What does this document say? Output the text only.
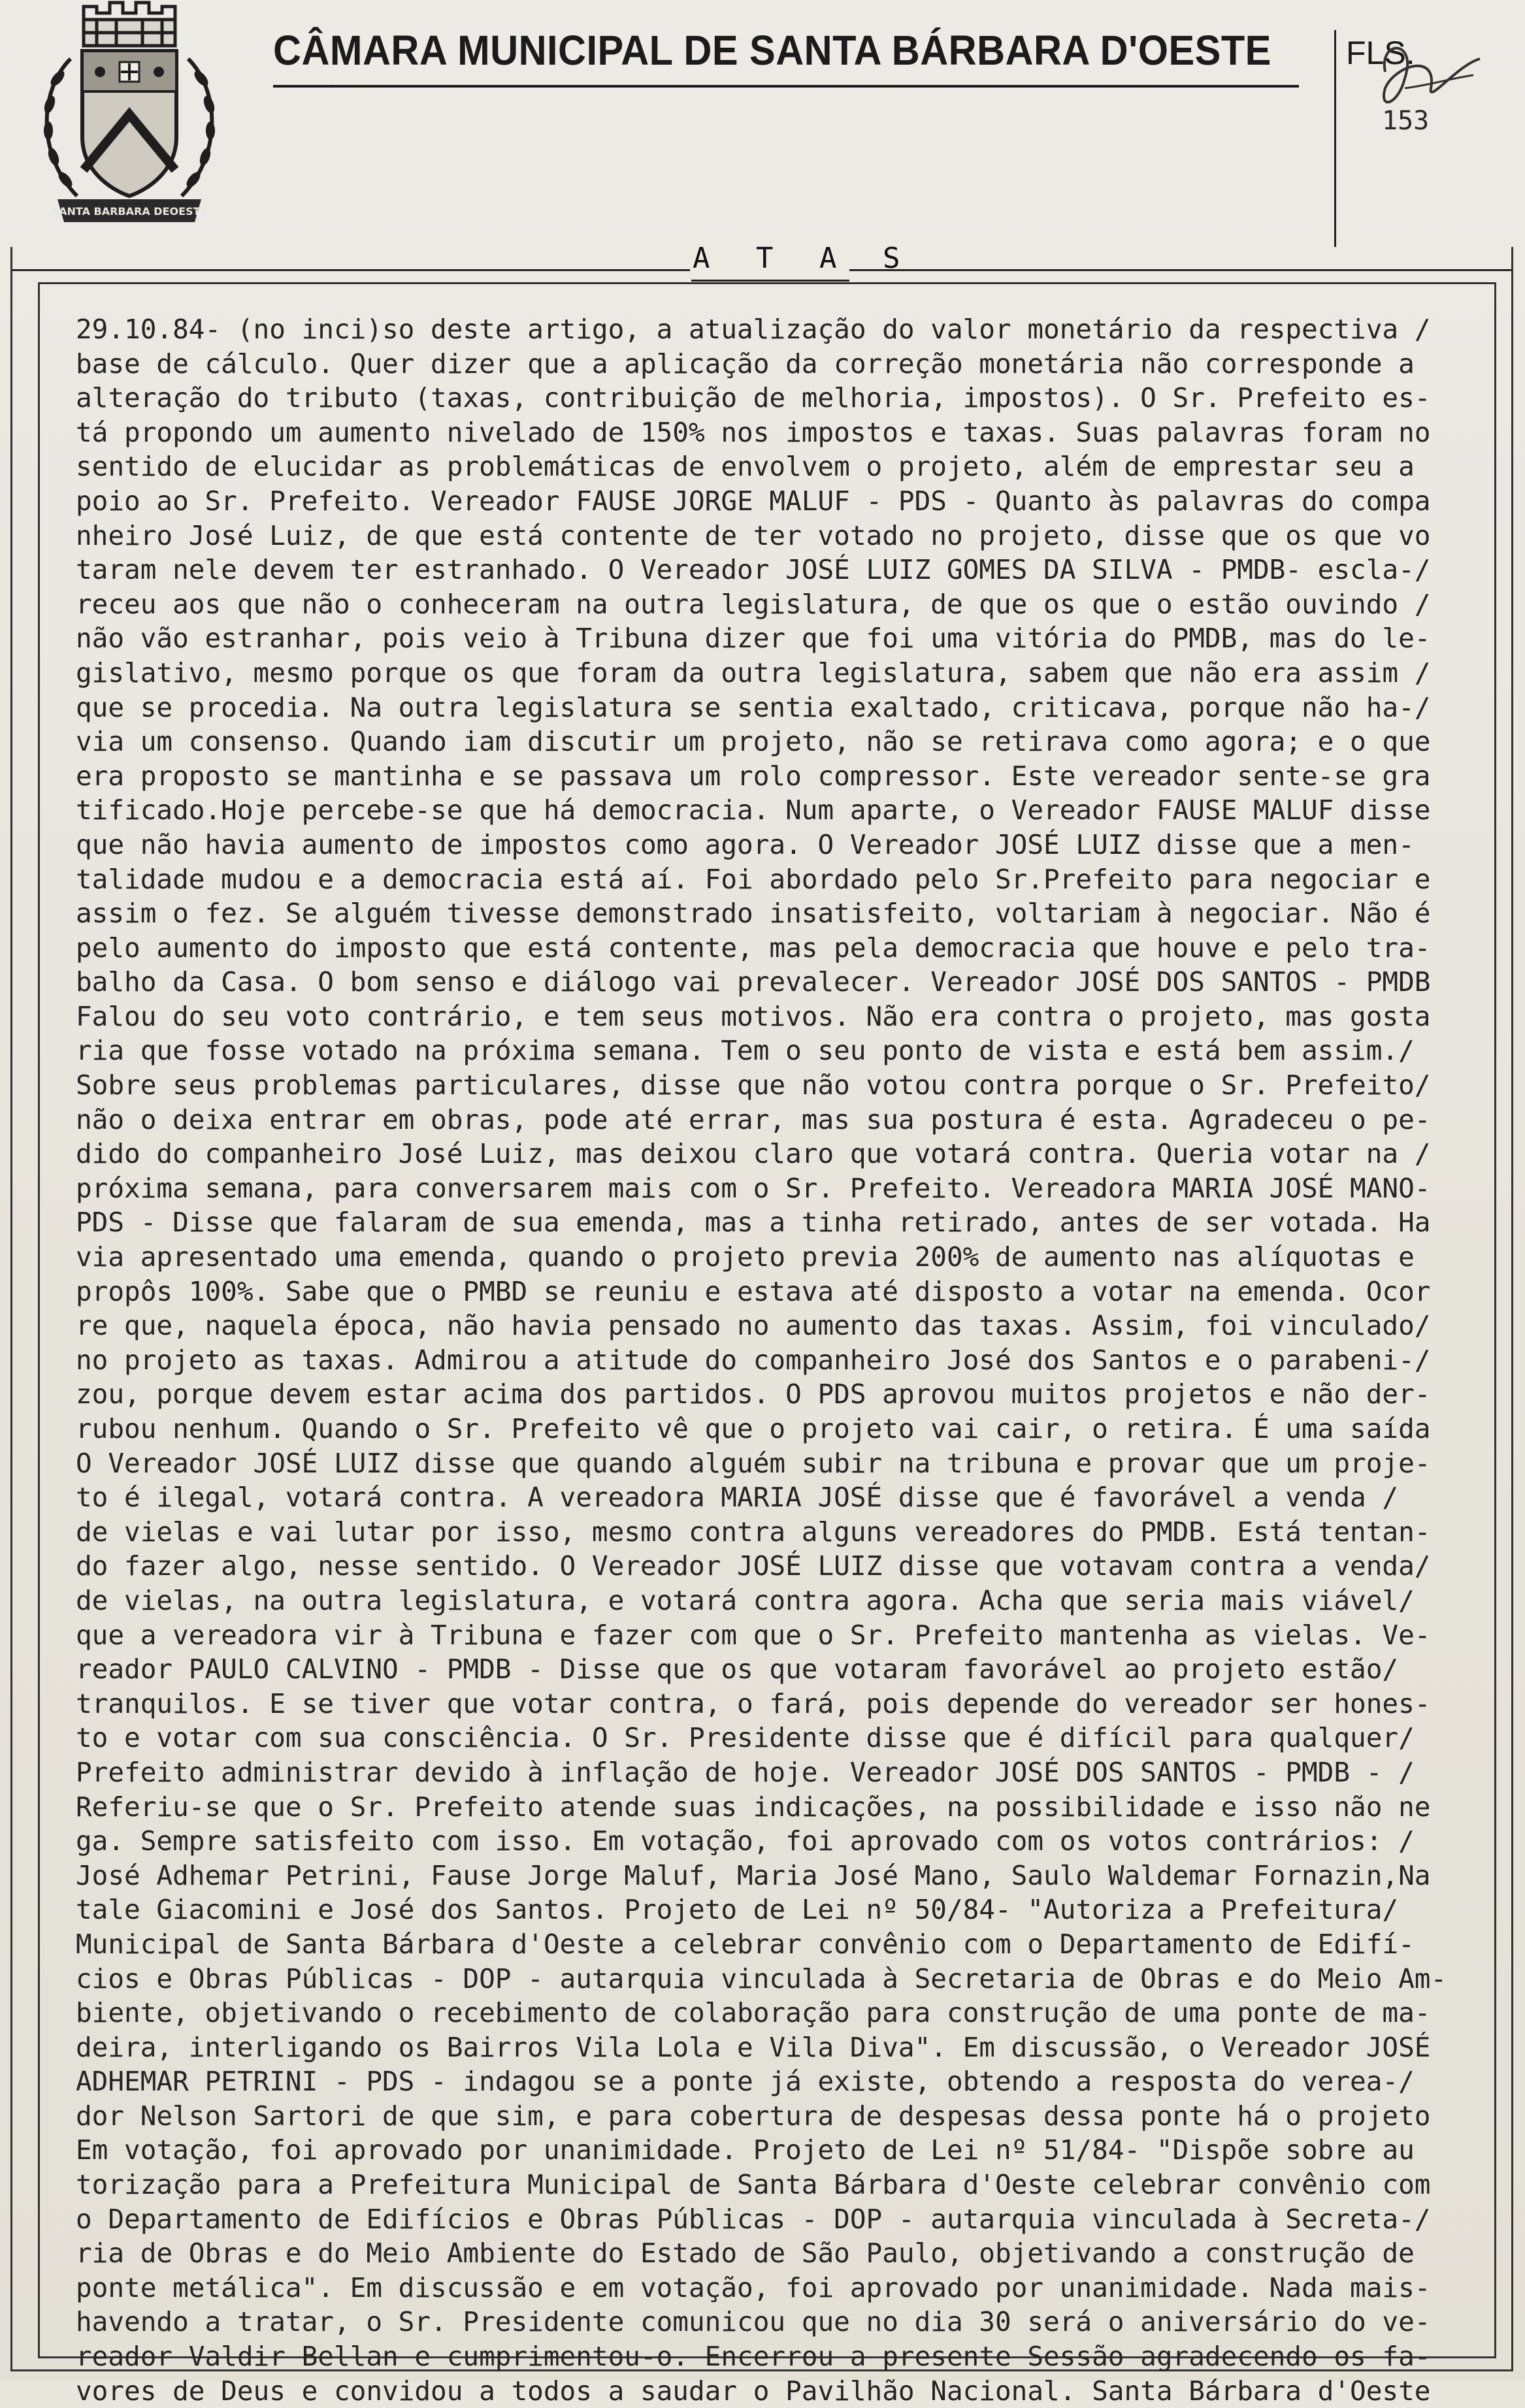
SANTA BARBARA DEOESTE
CÂMARA MUNICIPAL DE SANTA BÁRBARA D'OESTE FLS.
153
A T A S
29.10.84- (no inci)so deste artigo, a atualização do valor monetário da respectiva /
base de cálculo. Quer dizer que a aplicação da correção monetária não corresponde a
alteração do tributo (taxas, contribuição de melhoria, impostos). O Sr. Prefeito es-
tá propondo um aumento nivelado de 150% nos impostos e taxas. Suas palavras foram no
sentido de elucidar as problemáticas de envolvem o projeto, além de emprestar seu a
poio ao Sr. Prefeito. Vereador FAUSE JORGE MALUF - PDS - Quanto às palavras do compa
nheiro José Luiz, de que está contente de ter votado no projeto, disse que os que vo
taram nele devem ter estranhado. O Vereador JOSÉ LUIZ GOMES DA SILVA - PMDB- escla-/
receu aos que não o conheceram na outra legislatura, de que os que o estão ouvindo /
não vão estranhar, pois veio à Tribuna dizer que foi uma vitória do PMDB, mas do le-
gislativo, mesmo porque os que foram da outra legislatura, sabem que não era assim /
que se procedia. Na outra legislatura se sentia exaltado, criticava, porque não ha-/
via um consenso. Quando iam discutir um projeto, não se retirava como agora; e o que
era proposto se mantinha e se passava um rolo compressor. Este vereador sente-se gra
tificado.Hoje percebe-se que há democracia. Num aparte, o Vereador FAUSE MALUF disse
que não havia aumento de impostos como agora. O Vereador JOSÉ LUIZ disse que a men-
talidade mudou e a democracia está aí. Foi abordado pelo Sr.Prefeito para negociar e
assim o fez. Se alguém tivesse demonstrado insatisfeito, voltariam à negociar. Não é
pelo aumento do imposto que está contente, mas pela democracia que houve e pelo tra-
balho da Casa. O bom senso e diálogo vai prevalecer. Vereador JOSÉ DOS SANTOS - PMDB
Falou do seu voto contrário, e tem seus motivos. Não era contra o projeto, mas gosta
ria que fosse votado na próxima semana. Tem o seu ponto de vista e está bem assim./
Sobre seus problemas particulares, disse que não votou contra porque o Sr. Prefeito/
não o deixa entrar em obras, pode até errar, mas sua postura é esta. Agradeceu o pe-
dido do companheiro José Luiz, mas deixou claro que votará contra. Queria votar na /
próxima semana, para conversarem mais com o Sr. Prefeito. Vereadora MARIA JOSÉ MANO-
PDS - Disse que falaram de sua emenda, mas a tinha retirado, antes de ser votada. Ha
via apresentado uma emenda, quando o projeto previa 200% de aumento nas alíquotas e
propôs 100%. Sabe que o PMBD se reuniu e estava até disposto a votar na emenda. Ocor
re que, naquela época, não havia pensado no aumento das taxas. Assim, foi vinculado/
no projeto as taxas. Admirou a atitude do companheiro José dos Santos e o parabeni-/
zou, porque devem estar acima dos partidos. O PDS aprovou muitos projetos e não der-
rubou nenhum. Quando o Sr. Prefeito vê que o projeto vai cair, o retira. É uma saída
O Vereador JOSÉ LUIZ disse que quando alguém subir na tribuna e provar que um proje-
to é ilegal, votará contra. A vereadora MARIA JOSÉ disse que é favorável a venda /
de vielas e vai lutar por isso, mesmo contra alguns vereadores do PMDB. Está tentan-
do fazer algo, nesse sentido. O Vereador JOSÉ LUIZ disse que votavam contra a venda/
de vielas, na outra legislatura, e votará contra agora. Acha que seria mais viável/
que a vereadora vir à Tribuna e fazer com que o Sr. Prefeito mantenha as vielas. Ve-
reador PAULO CALVINO - PMDB - Disse que os que votaram favorável ao projeto estão/
tranquilos. E se tiver que votar contra, o fará, pois depende do vereador ser hones-
to e votar com sua consciência. O Sr. Presidente disse que é difícil para qualquer/
Prefeito administrar devido à inflação de hoje. Vereador JOSÉ DOS SANTOS - PMDB - /
Referiu-se que o Sr. Prefeito atende suas indicações, na possibilidade e isso não ne
ga. Sempre satisfeito com isso. Em votação, foi aprovado com os votos contrários: /
José Adhemar Petrini, Fause Jorge Maluf, Maria José Mano, Saulo Waldemar Fornazin,Na
tale Giacomini e José dos Santos. Projeto de Lei nº 50/84- "Autoriza a Prefeitura/
Municipal de Santa Bárbara d'Oeste a celebrar convênio com o Departamento de Edifí-
cios e Obras Públicas - DOP - autarquia vinculada à Secretaria de Obras e do Meio Am-
biente, objetivando o recebimento de colaboração para construção de uma ponte de ma-
deira, interligando os Bairros Vila Lola e Vila Diva". Em discussão, o Vereador JOSÉ
ADHEMAR PETRINI - PDS - indagou se a ponte já existe, obtendo a resposta do verea-/
dor Nelson Sartori de que sim, e para cobertura de despesas dessa ponte há o projeto
Em votação, foi aprovado por unanimidade. Projeto de Lei nº 51/84- "Dispõe sobre au
torização para a Prefeitura Municipal de Santa Bárbara d'Oeste celebrar convênio com
o Departamento de Edifícios e Obras Públicas - DOP - autarquia vinculada à Secreta-/
ria de Obras e do Meio Ambiente do Estado de São Paulo, objetivando a construção de
ponte metálica". Em discussão e em votação, foi aprovado por unanimidade. Nada mais-
havendo a tratar, o Sr. Presidente comunicou que no dia 30 será o aniversário do ve-
reador Valdir Bellan e cumprimentou-o. Encerrou a presente Sessão agradecendo os fa-
vores de Deus e convidou a todos a saudar o Pavilhão Nacional. Santa Bárbara d'Oeste
